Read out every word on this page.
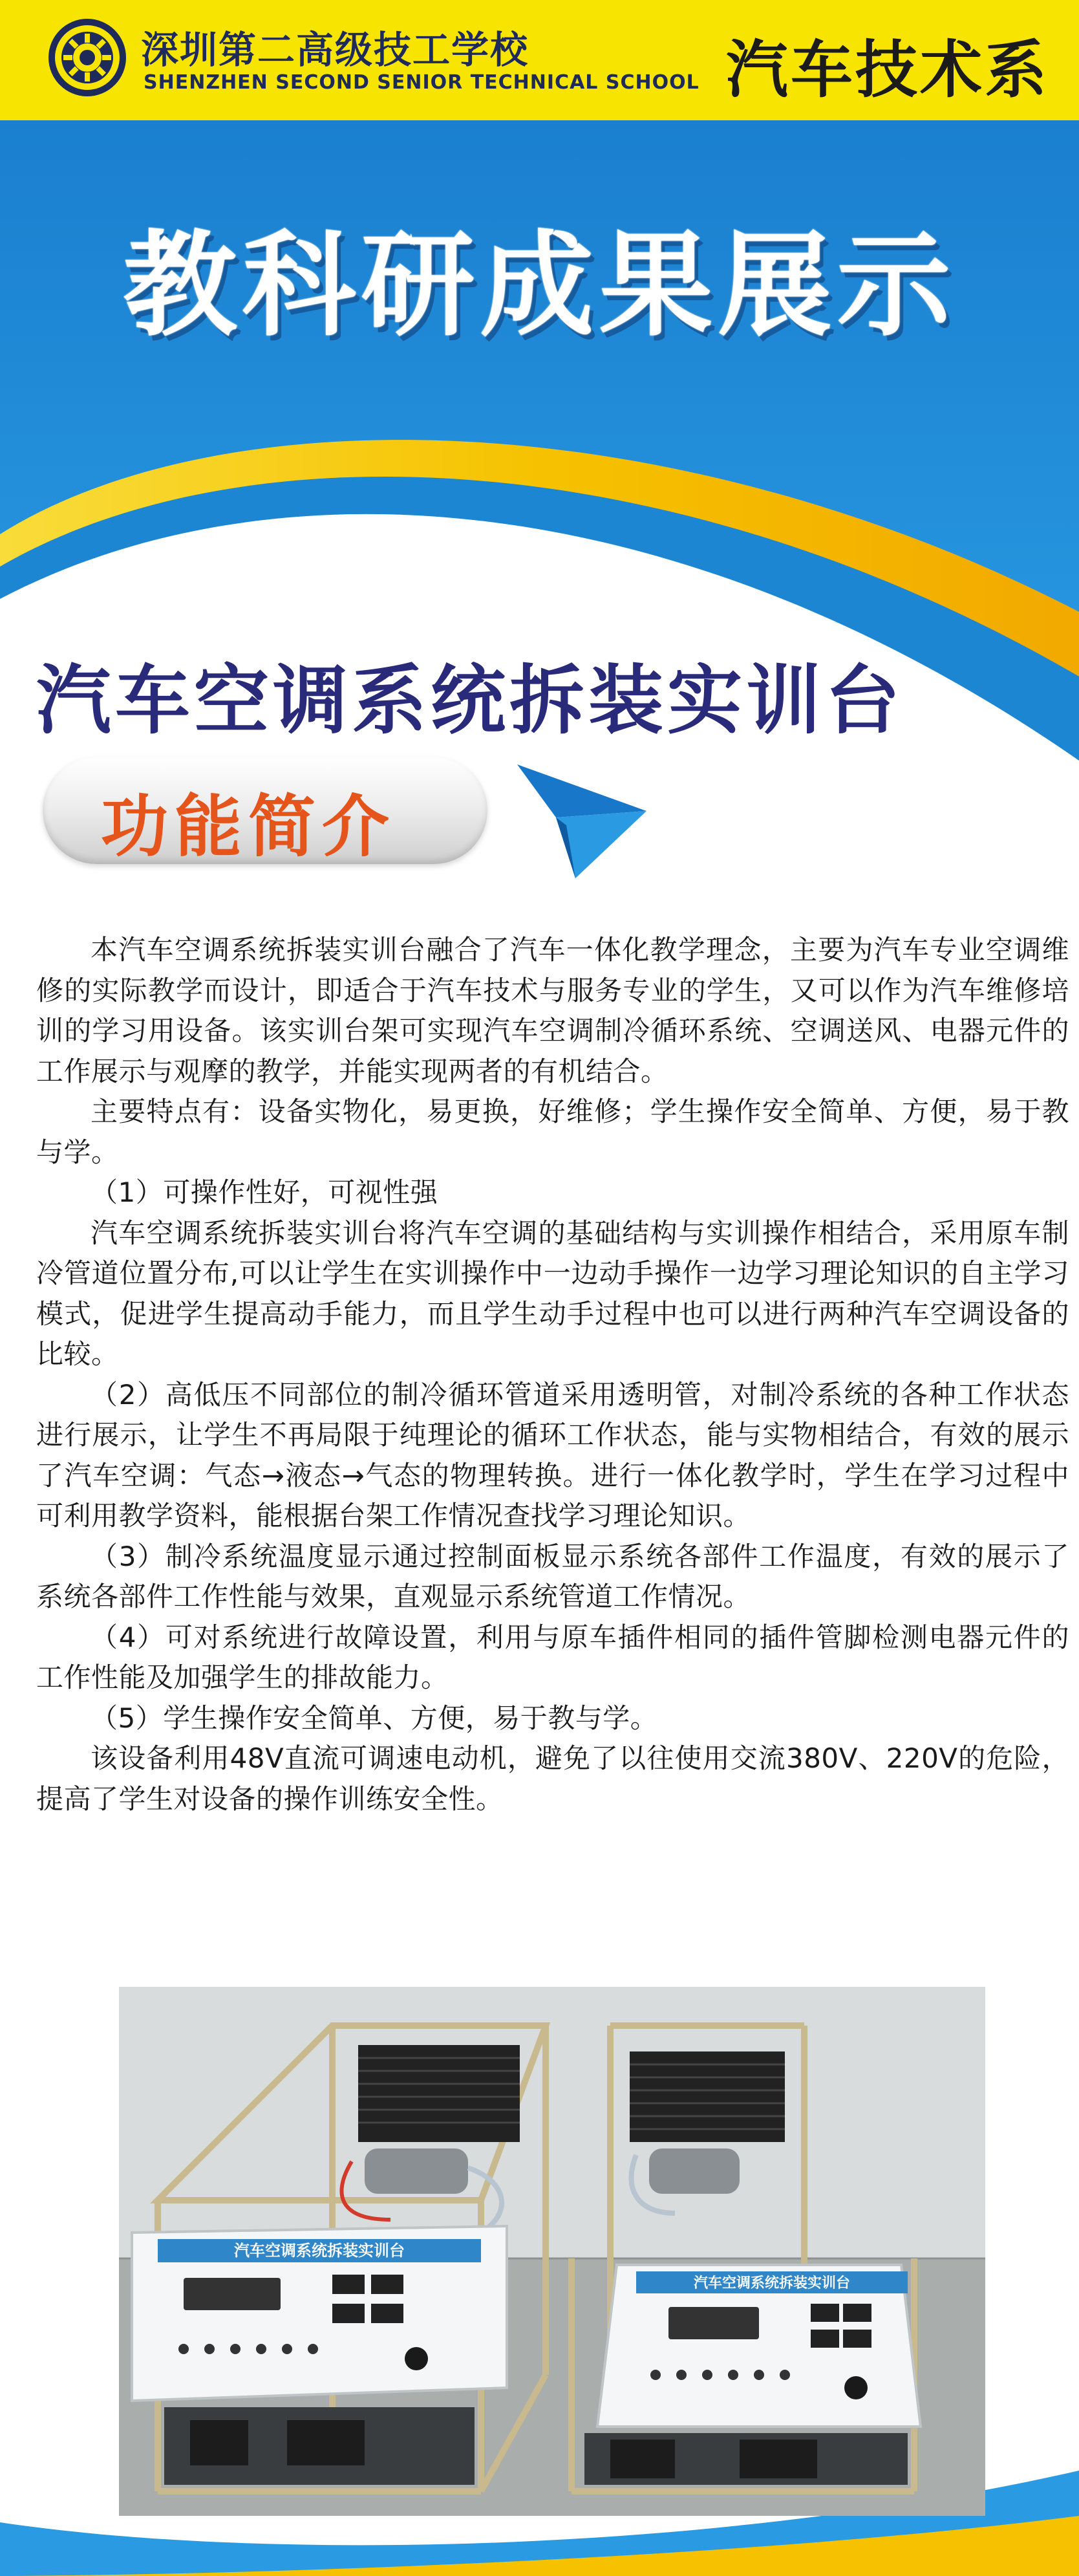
深圳第二高级技工学校
SHENZHEN SECOND SENIOR TECHNICAL SCHOOL 汽车技术系
教科研成果展示
汽车空调系统拆装实训台
功能简介

本汽车空调系统拆装实训台融合了汽车一体化教学理念，主要为汽车专业空调维修的实际教学而设计，即适合于汽车技术与服务专业的学生，又可以作为汽车维修培训的学习用设备。该实训台架可实现汽车空调制冷循环系统、空调送风、电器元件的工作展示与观摩的教学，并能实现两者的有机结合。

主要特点有：设备实物化，易更换，好维修；学生操作安全简单、方便，易于教与学。

（1）可操作性好，可视性强

汽车空调系统拆装实训台将汽车空调的基础结构与实训操作相结合，采用原车制冷管道位置分布,可以让学生在实训操作中一边动手操作一边学习理论知识的自主学习模式，促进学生提高动手能力，而且学生动手过程中也可以进行两种汽车空调设备的比较。

（2）高低压不同部位的制冷循环管道采用透明管，对制冷系统的各种工作状态进行展示，让学生不再局限于纯理论的循环工作状态，能与实物相结合，有效的展示了汽车空调：气态→液态→气态的物理转换。进行一体化教学时，学生在学习过程中可利用教学资料，能根据台架工作情况查找学习理论知识。

（3）制冷系统温度显示通过控制面板显示系统各部件工作温度，有效的展示了系统各部件工作性能与效果，直观显示系统管道工作情况。

（4）可对系统进行故障设置，利用与原车插件相同的插件管脚检测电器元件的工作性能及加强学生的排故能力。

（5）学生操作安全简单、方便，易于教与学。

该设备利用48V直流可调速电动机，避免了以往使用交流380V、220V的危险，提高了学生对设备的操作训练安全性。

汽车空调系统拆装实训台
汽车空调系统拆装实训台
